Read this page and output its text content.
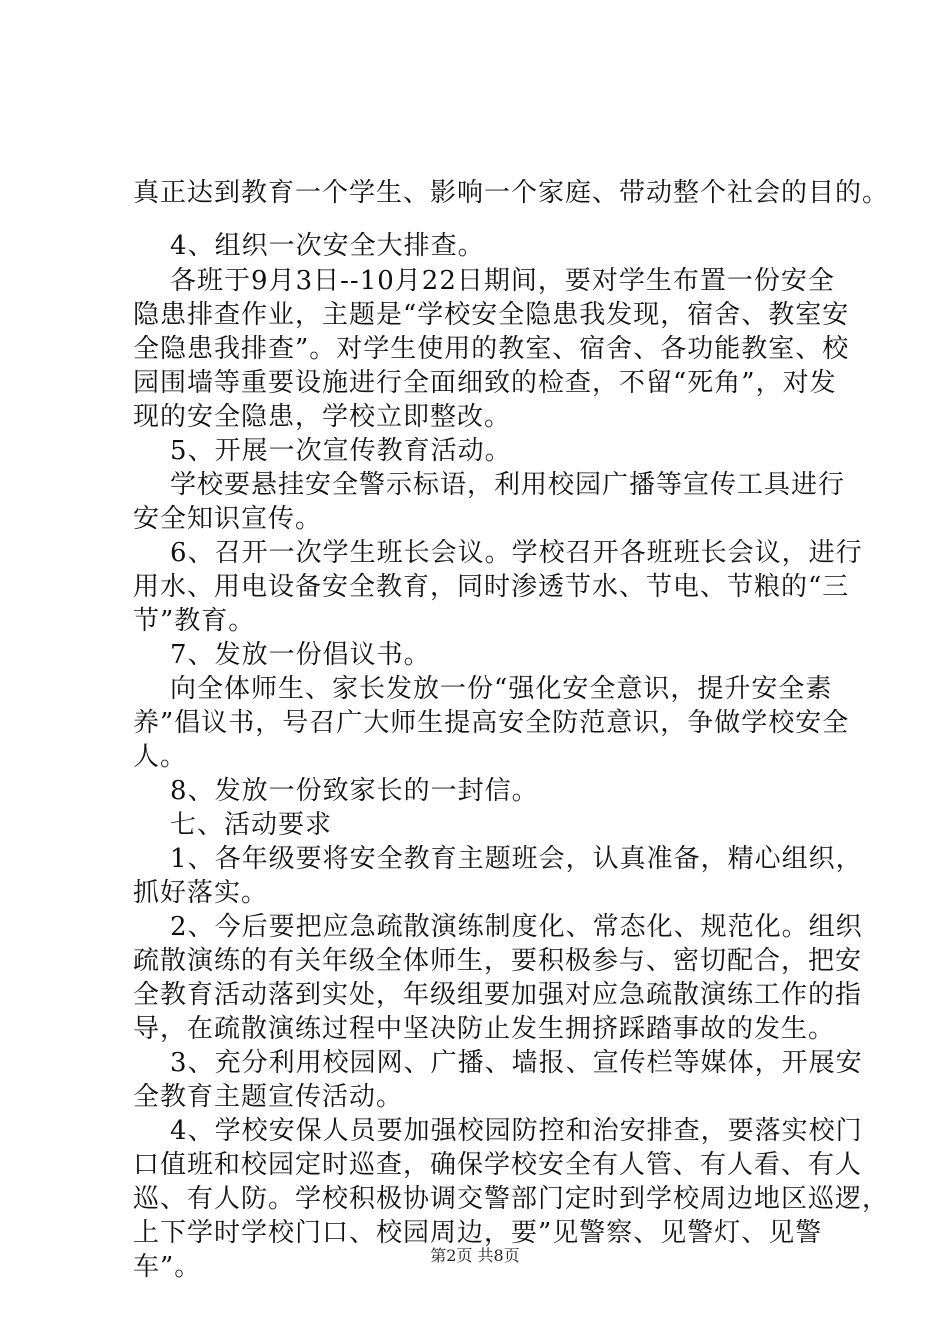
真正达到教育一个学生、影响一个家庭、带动整个社会的目的。
4、组织一次安全大排查。
各班于9月3日--10月22日期间，要对学生布置一份安全
隐患排查作业，主题是“学校安全隐患我发现，宿舍、教室安
全隐患我排查”。对学生使用的教室、宿舍、各功能教室、校
园围墙等重要设施进行全面细致的检查，不留“死角”，对发
现的安全隐患，学校立即整改。
5、开展一次宣传教育活动。
学校要悬挂安全警示标语，利用校园广播等宣传工具进行
安全知识宣传。
6、召开一次学生班长会议。学校召开各班班长会议，进行
用水、用电设备安全教育，同时渗透节水、节电、节粮的“三
节”教育。
7、发放一份倡议书。
向全体师生、家长发放一份“强化安全意识，提升安全素
养”倡议书，号召广大师生提高安全防范意识，争做学校安全
人。
8、发放一份致家长的一封信。
七、活动要求
1、各年级要将安全教育主题班会，认真准备，精心组织，
抓好落实。
2、今后要把应急疏散演练制度化、常态化、规范化。组织
疏散演练的有关年级全体师生，要积极参与、密切配合，把安
全教育活动落到实处，年级组要加强对应急疏散演练工作的指
导，在疏散演练过程中坚决防止发生拥挤踩踏事故的发生。
3、充分利用校园网、广播、墙报、宣传栏等媒体，开展安
全教育主题宣传活动。
4、学校安保人员要加强校园防控和治安排查，要落实校门
口值班和校园定时巡查，确保学校安全有人管、有人看、有人
巡、有人防。学校积极协调交警部门定时到学校周边地区巡逻，
上下学时学校门口、校园周边，要”见警察、见警灯、见警
车”。	第2页 共8页
